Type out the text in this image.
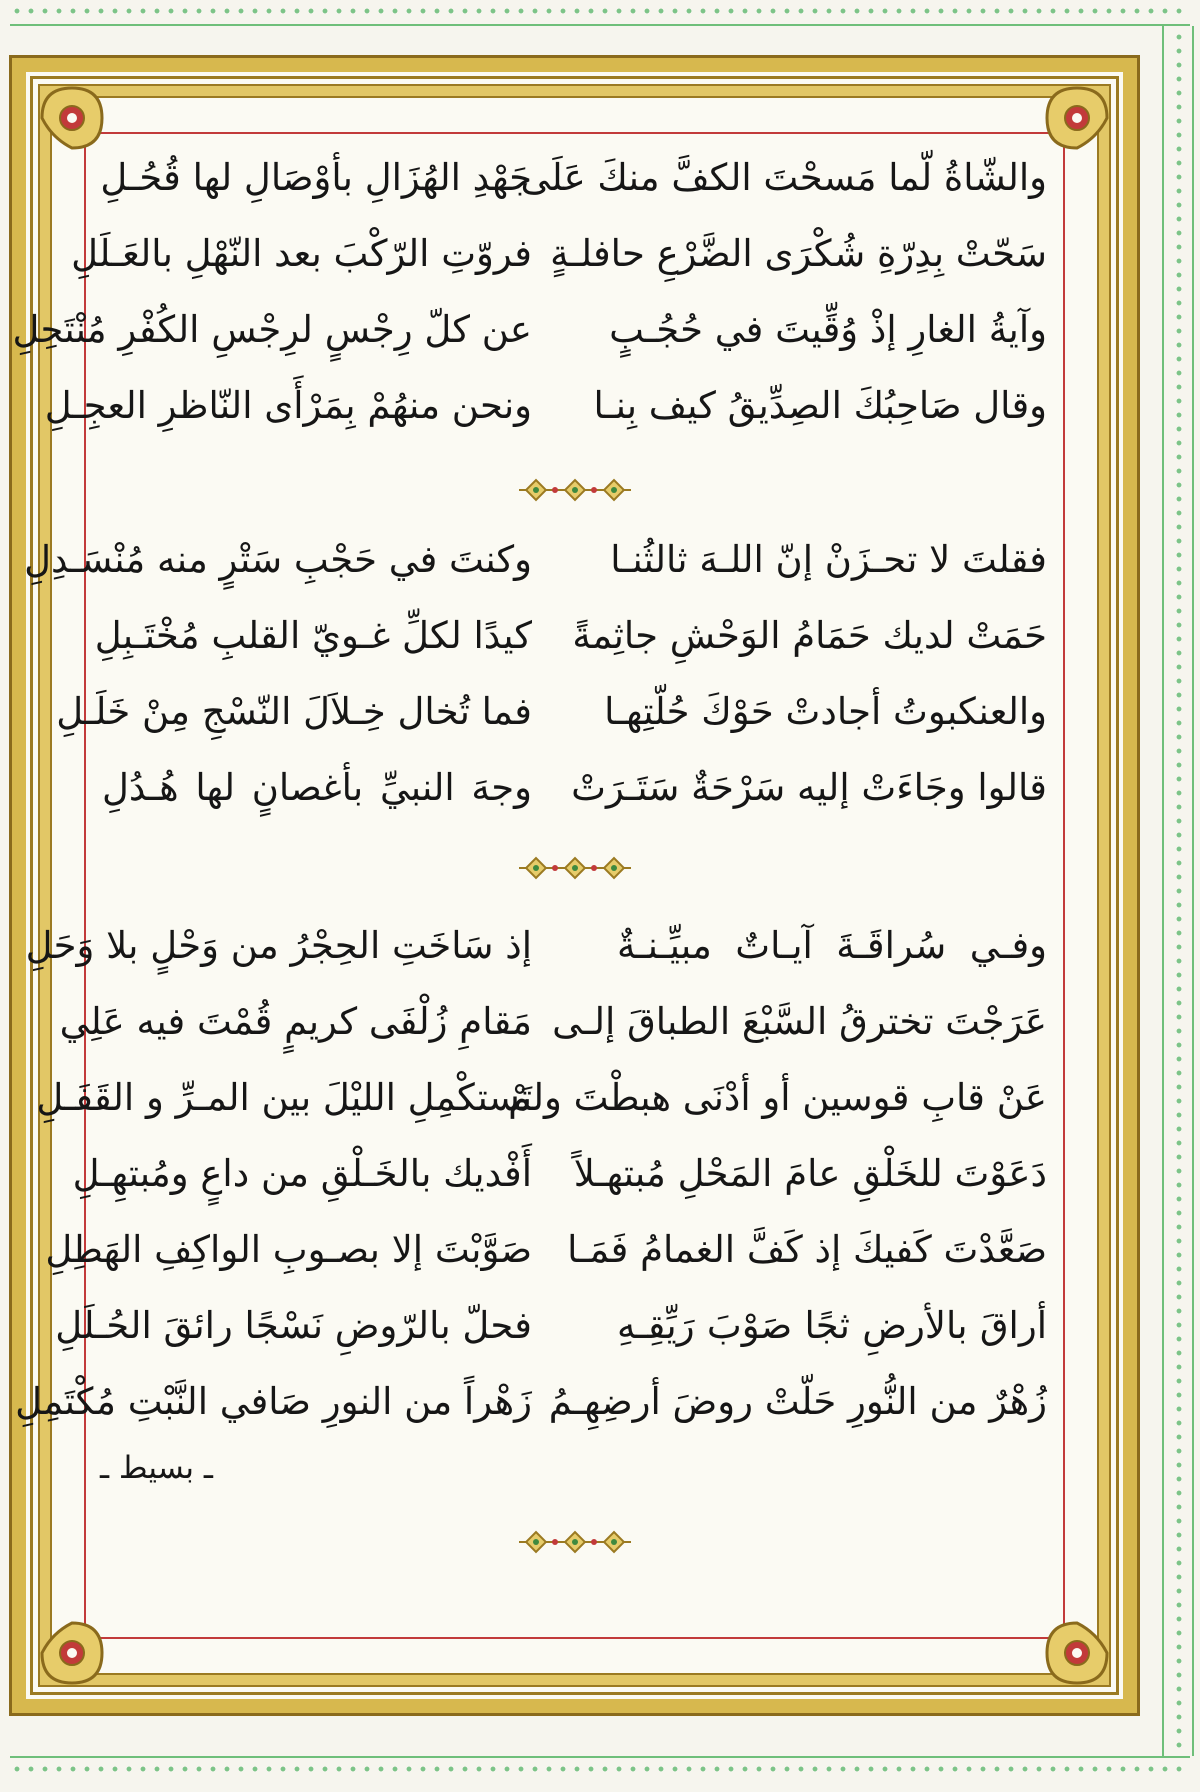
والشّاةُ لّما مَسحْتَ الكفَّ منكَ عَلَى
جَهْدِ الهُزَالِ بأوْصَالِ لها قُحُـلِ
سَحّتْ بِدِرّةِ شُكْرَى الضَّرْعِ حافلـةٍ
فروّتِ الرّكْبَ بعد النّهْلِ بالعَـلَلِ
وآيةُ الغارِ إذْ وُقِّيتَ في حُجُـبٍ
عن كلّ رِجْسٍ لرِجْسِ الكُفْرِ مُنْتَحِلِ
وقال صَاحِبُكَ الصِدِّيقُ كيف بِنـا
ونحن منهُمْ بِمَرْأَى النّاظرِ العجِـلِ
فقلتَ لا تحـزَنْ إنّ اللـهَ ثالثُنـا
وكنتَ في حَجْبِ سَتْرٍ منه مُنْسَـدِلِ
حَمَتْ لديك حَمَامُ الوَحْشِ جاثِمةً
كيدًا لكلِّ غـويّ القلبِ مُخْتَـبِلِ
والعنكبوتُ أجادتْ حَوْكَ حُلّتِهـا
فما تُخال خِـلاَلَ النّسْجِ مِنْ خَلَـلِ
قالوا وجَاءَتْ إليه سَرْحَةٌ سَتَـرَتْ
وجهَ النبيِّ بأغصانٍ لها هُـدُلِ
وفـي سُراقَـةَ آيـاتٌ مبيِّـنـةٌ
إذ سَاخَتِ الحِجْرُ من وَحْلٍ بلا وَحَلِ
عَرَجْتَ تخترقُ السَّبْعَ الطباقَ إلـى
مَقامِ زُلْفَى كريمٍ قُمْتَ فيه عَلِي
عَنْ قابِ قوسين أو أدْنَى هبطْتَ ولمْ
تَستكْمِلِ الليْلَ بين المـرِّ و القَفَـلِ
دَعَوْتَ للخَلْقِ عامَ المَحْلِ مُبتهـلاً
أَفْديك بالخَـلْقِ من داعٍ ومُبتهِـلِ
صَعَّدْتَ كَفيكَ إذ كَفَّ الغمامُ فَمَـا
صَوَّبْتَ إلا بصـوبِ الواكِفِ الهَطِلِ
أراقَ بالأرضِ ثجًا صَوْبَ رَيِّقِـهِ
فحلّ بالرّوضِ نَسْجًا رائقَ الحُـلَلِ
زُهْرٌ من النُّورِ حَلّتْ روضَ أرضِهِـمُ
زَهْراً من النورِ صَافي النَّبْتِ مُكْتَمِلِ
ـ بسيط ـ
